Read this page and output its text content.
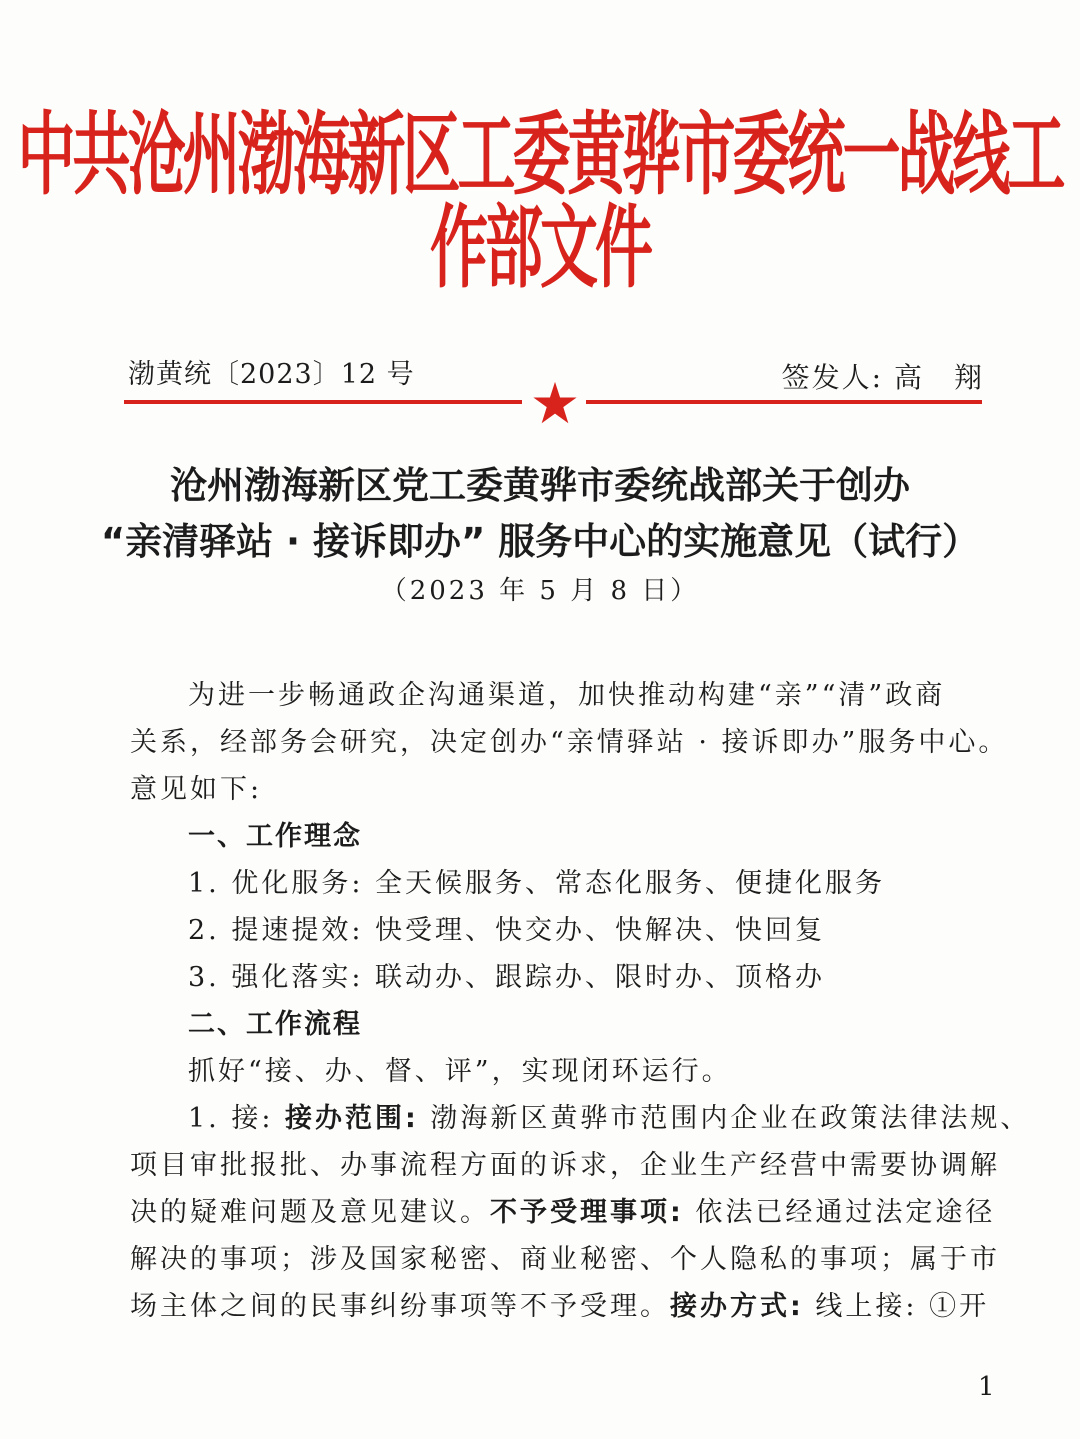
中共沧州渤海新区工委黄骅市委统一战线工作部文件
渤黄统〔2023〕12 号	签发人: 高　翔
沧州渤海新区党工委黄骅市委统战部关于创办
“亲清驿站 · 接诉即办” 服务中心的实施意见（试行）
（2023 年 5 月 8 日）
为进一步畅通政企沟通渠道，加快推动构建“亲”“清”政商
关系，经部务会研究，决定创办“亲情驿站 · 接诉即办”服务中心。
意见如下:
一、工作理念
1. 优化服务: 全天候服务、常态化服务、便捷化服务
2. 提速提效: 快受理、快交办、快解决、快回复
3. 强化落实: 联动办、跟踪办、限时办、顶格办
二、工作流程
抓好“接、办、督、评”，实现闭环运行。
1. 接: 接办范围: 渤海新区黄骅市范围内企业在政策法律法规、
项目审批报批、办事流程方面的诉求，企业生产经营中需要协调解
决的疑难问题及意见建议。不予受理事项: 依法已经通过法定途径
解决的事项；涉及国家秘密、商业秘密、个人隐私的事项；属于市
场主体之间的民事纠纷事项等不予受理。接办方式: 线上接: ①开
1
